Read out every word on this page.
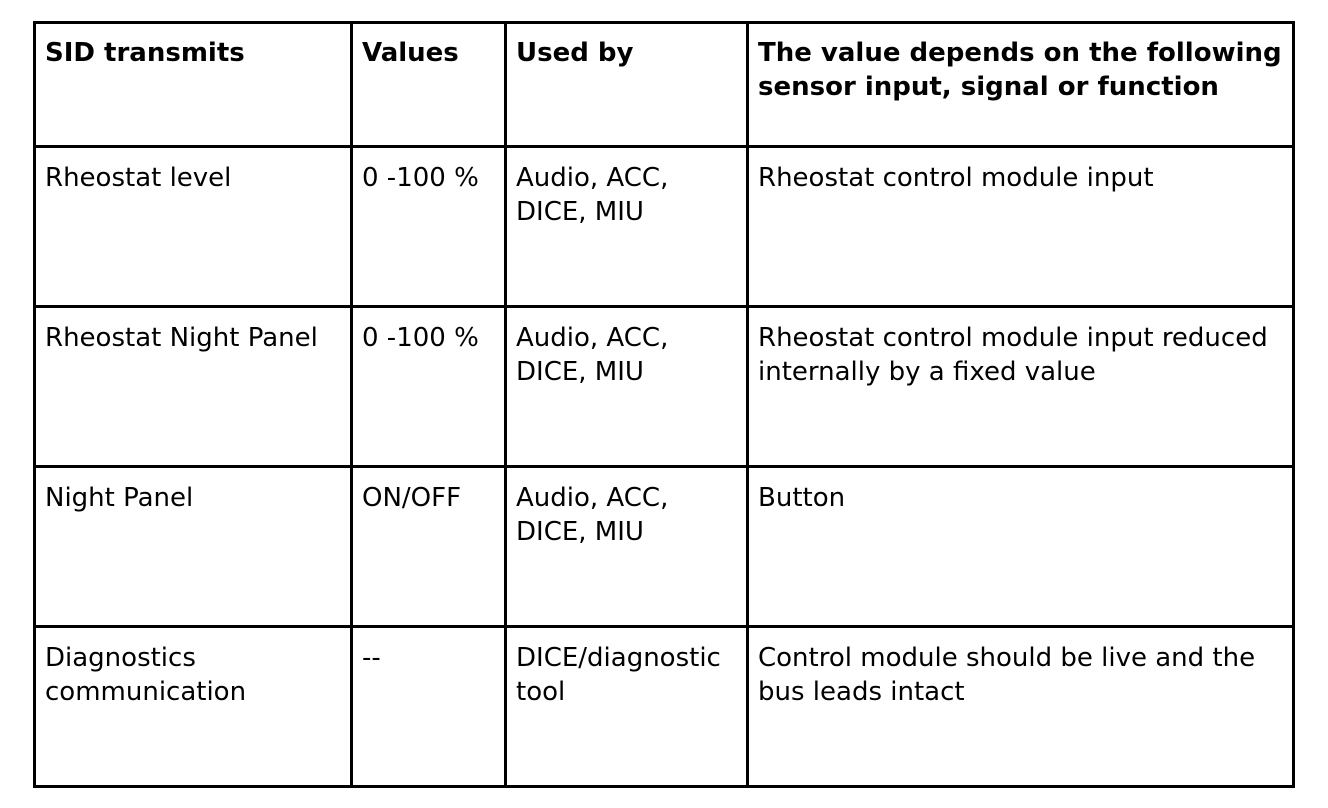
SID transmits	Values	Used by	The value depends on the following sensor input, signal or function
Rheostat level	0 -100 %	Audio, ACC, DICE, MIU	Rheostat control module input
Rheostat Night Panel	0 -100 %	Audio, ACC, DICE, MIU	Rheostat control module input reduced internally by a fixed value
Night Panel	ON/OFF	Audio, ACC, DICE, MIU	Button
Diagnostics communication	--	DICE/diagnostic tool	Control module should be live and the bus leads intact
